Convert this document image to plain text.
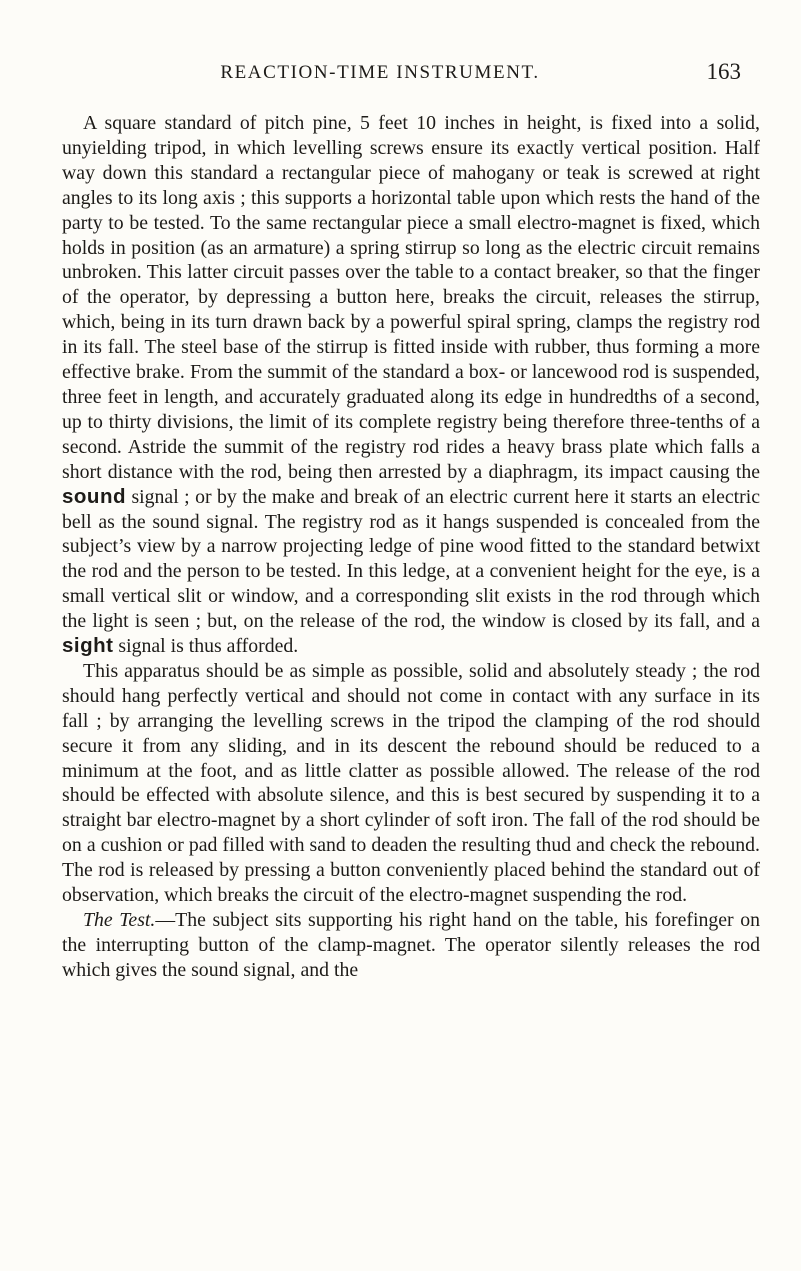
REACTION-TIME INSTRUMENT.	163

A square standard of pitch pine, 5 feet 10 inches in height, is fixed into a solid, unyielding tripod, in which levelling screws ensure its exactly vertical position. Half way down this standard a rectangular piece of mahogany or teak is screwed at right angles to its long axis ; this supports a horizontal table upon which rests the hand of the party to be tested. To the same rectangular piece a small electro-magnet is fixed, which holds in position (as an armature) a spring stirrup so long as the electric circuit remains unbroken. This latter circuit passes over the table to a contact breaker, so that the finger of the operator, by depressing a button here, breaks the circuit, releases the stirrup, which, being in its turn drawn back by a powerful spiral spring, clamps the registry rod in its fall. The steel base of the stirrup is fitted inside with rubber, thus forming a more effective brake. From the summit of the standard a box- or lancewood rod is suspended, three feet in length, and accurately graduated along its edge in hundredths of a second, up to thirty divisions, the limit of its complete registry being therefore three-tenths of a second. Astride the summit of the registry rod rides a heavy brass plate which falls a short distance with the rod, being then arrested by a diaphragm, its impact causing the sound signal ; or by the make and break of an electric current here it starts an electric bell as the sound signal. The registry rod as it hangs suspended is concealed from the subject’s view by a narrow projecting ledge of pine wood fitted to the standard betwixt the rod and the person to be tested. In this ledge, at a convenient height for the eye, is a small vertical slit or window, and a corresponding slit exists in the rod through which the light is seen ; but, on the release of the rod, the window is closed by its fall, and a sight signal is thus afforded.

This apparatus should be as simple as possible, solid and absolutely steady ; the rod should hang perfectly vertical and should not come in contact with any surface in its fall ; by arranging the levelling screws in the tripod the clamping of the rod should secure it from any sliding, and in its descent the rebound should be reduced to a minimum at the foot, and as little clatter as possible allowed. The release of the rod should be effected with absolute silence, and this is best secured by suspending it to a straight bar electro-magnet by a short cylinder of soft iron. The fall of the rod should be on a cushion or pad filled with sand to deaden the resulting thud and check the rebound. The rod is released by pressing a button conveniently placed behind the standard out of observation, which breaks the circuit of the electro-magnet suspending the rod.

The Test.—The subject sits supporting his right hand on the table, his forefinger on the interrupting button of the clamp-magnet. The operator silently releases the rod which gives the sound signal, and the
